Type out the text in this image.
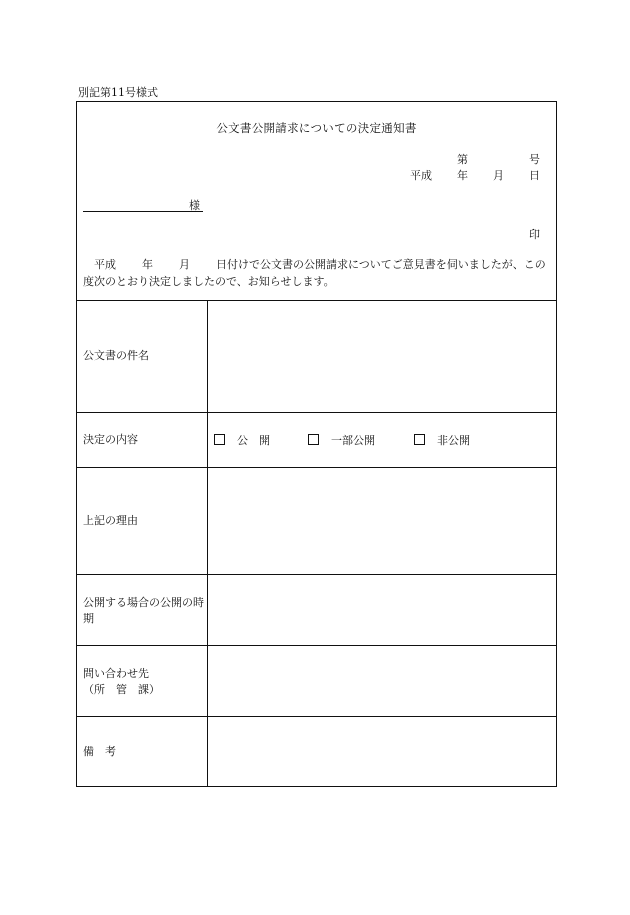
別記第11号様式
公文書公開請求についての決定通知書
第	号
平成 年 月 日
様
印
平成 年 月 日付けで公文書の公開請求についてご意見書を伺いましたが、この度次のとおり決定しましたので、お知らせします。
公文書の件名
決定の内容	公　開	一部公開	非公開
上記の理由
公開する場合の公開の時期
問い合わせ先
（所　管　課）
備　考
